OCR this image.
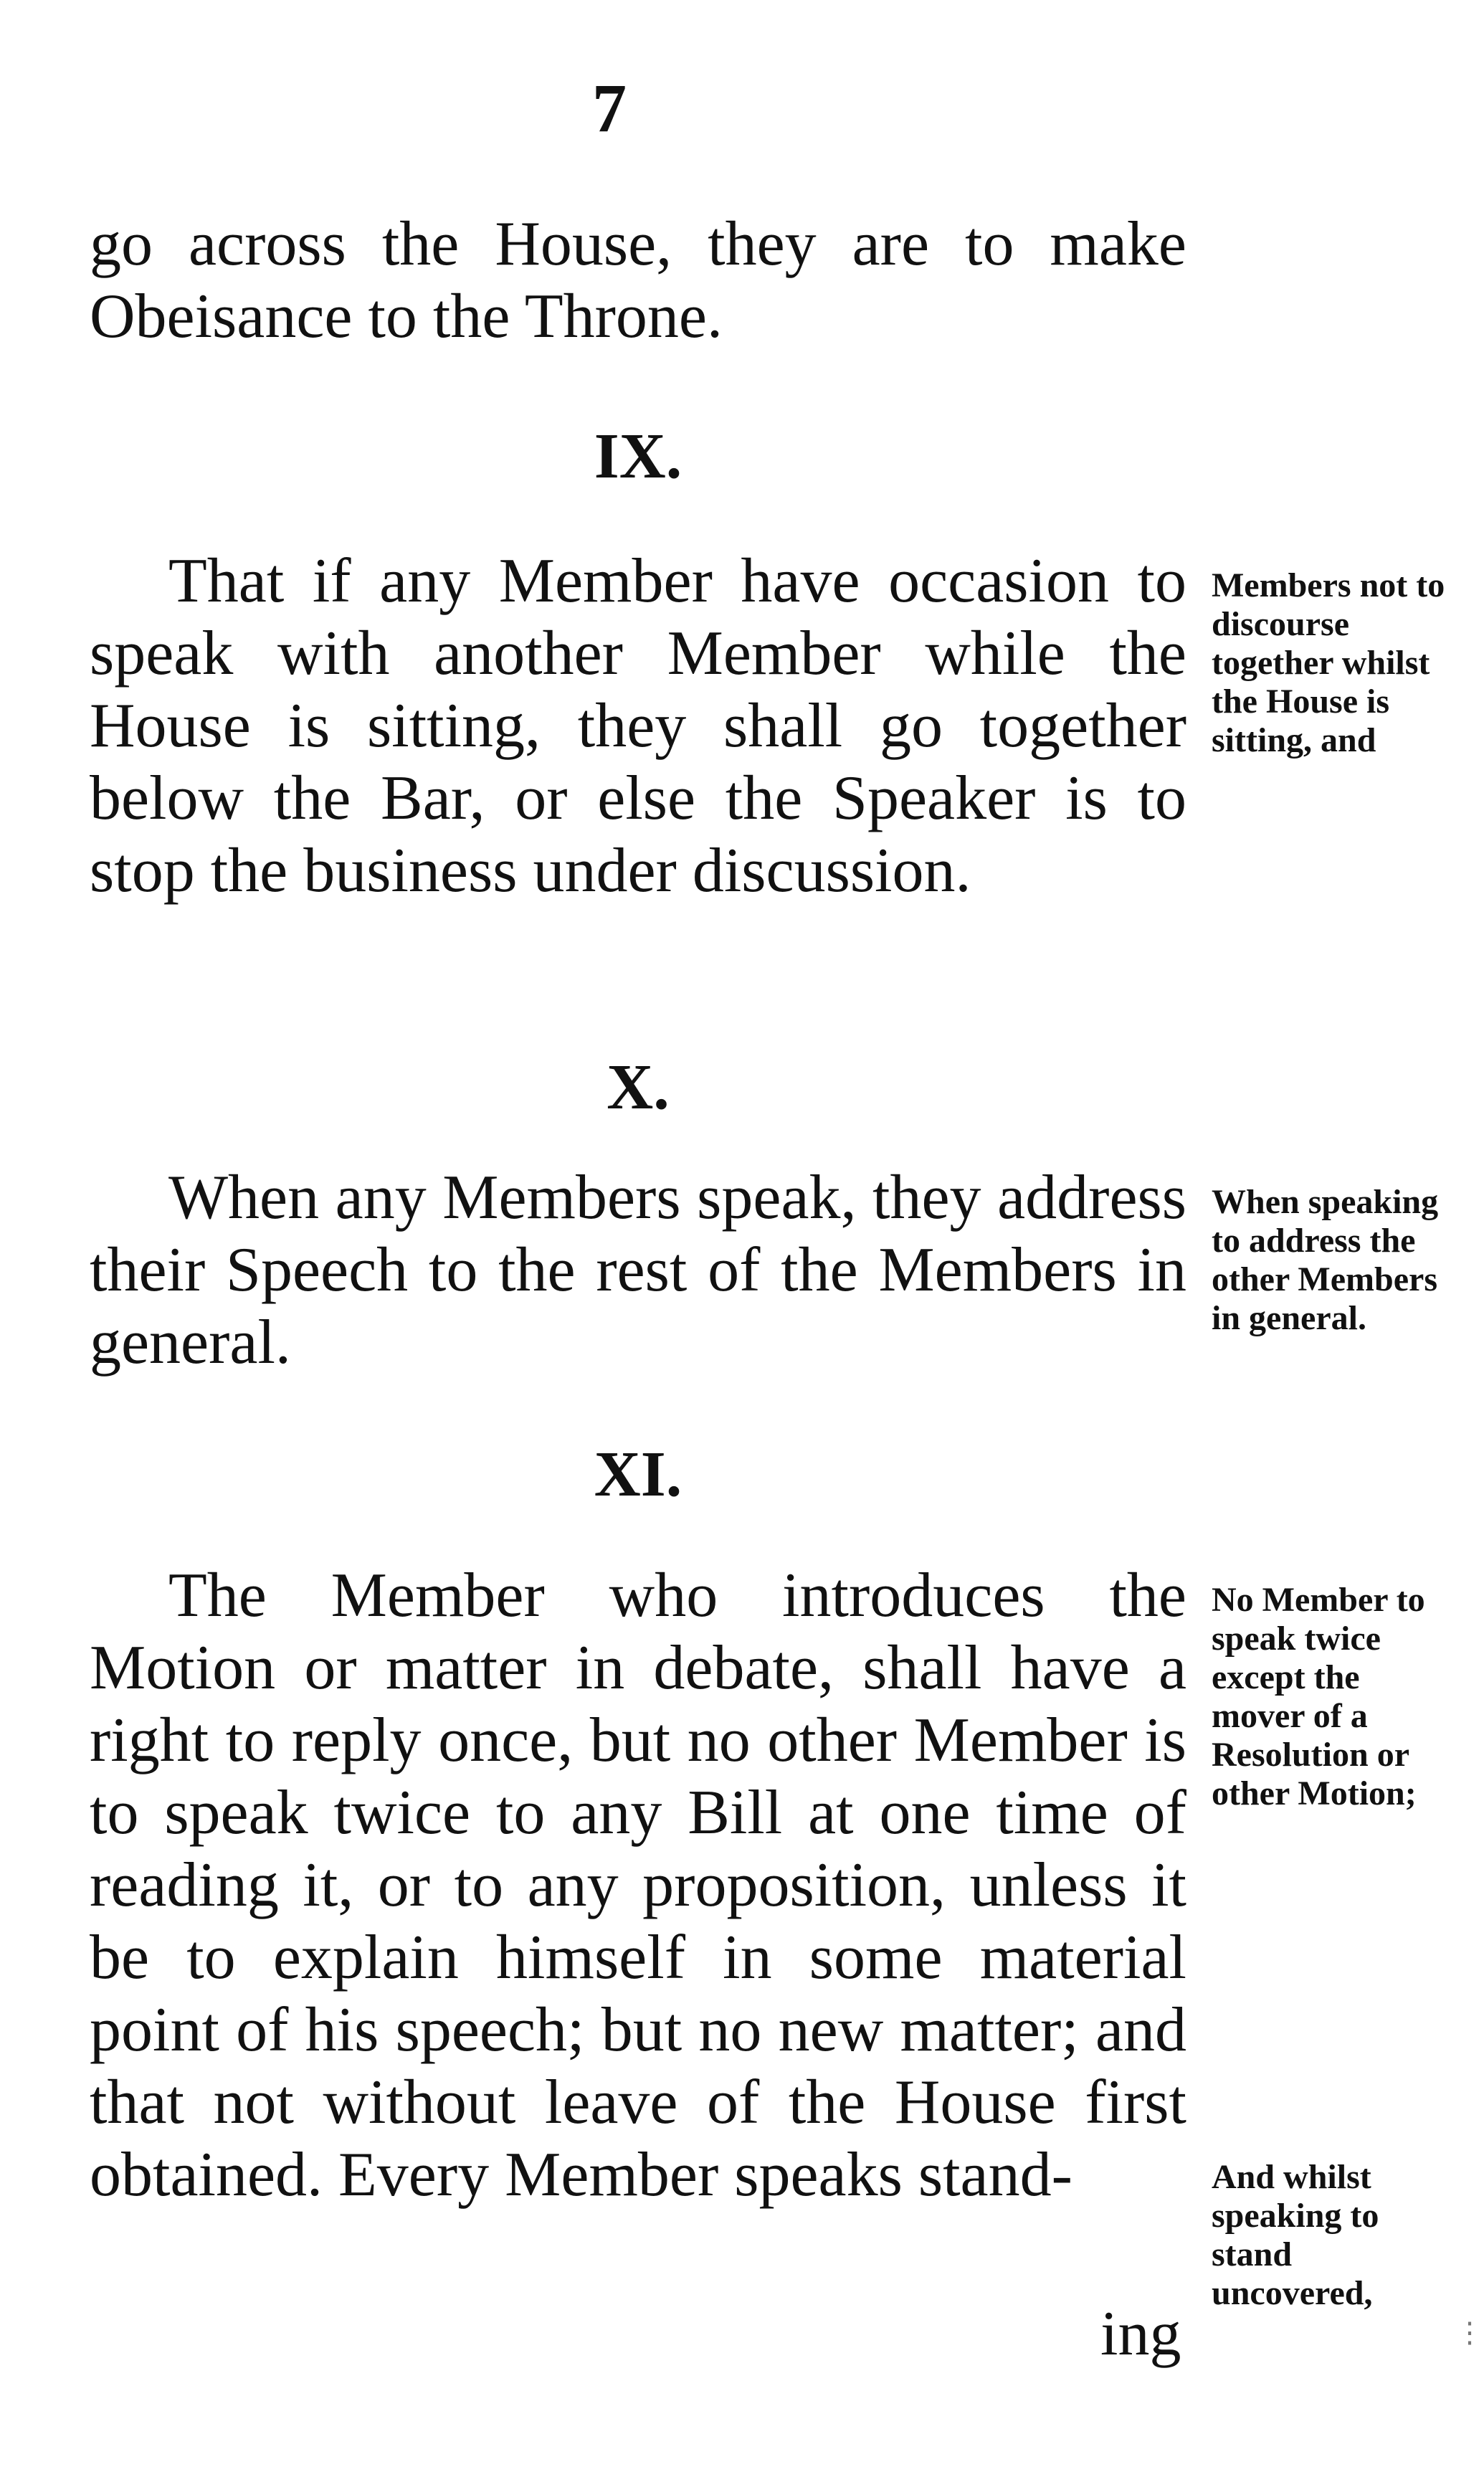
7

go across the House, they are to make Obeisance to the Throne.

IX.

That if any Member have occasion to speak with another Member while the House is sitting, they shall go together below the Bar, or else the Speaker is to stop the business under discussion.

Members not to discourse together whilst the House is sitting, and
X.

When any Members speak, they address their Speech to the rest of the Members in general.

When speaking to address the other Members in general.
XI.

The Member who introduces the Motion or matter in debate, shall have a right to reply once, but no other Member is to speak twice to any Bill at one time of reading it, or to any proposition, unless it be to explain himself in some material point of his speech; but no new matter; and that not without leave of the House first obtained. Every Member speaks stand-

No Member to speak twice except the mover of a Resolution or other Motion;
And whilst speaking to stand uncovered,
ing	⋮
